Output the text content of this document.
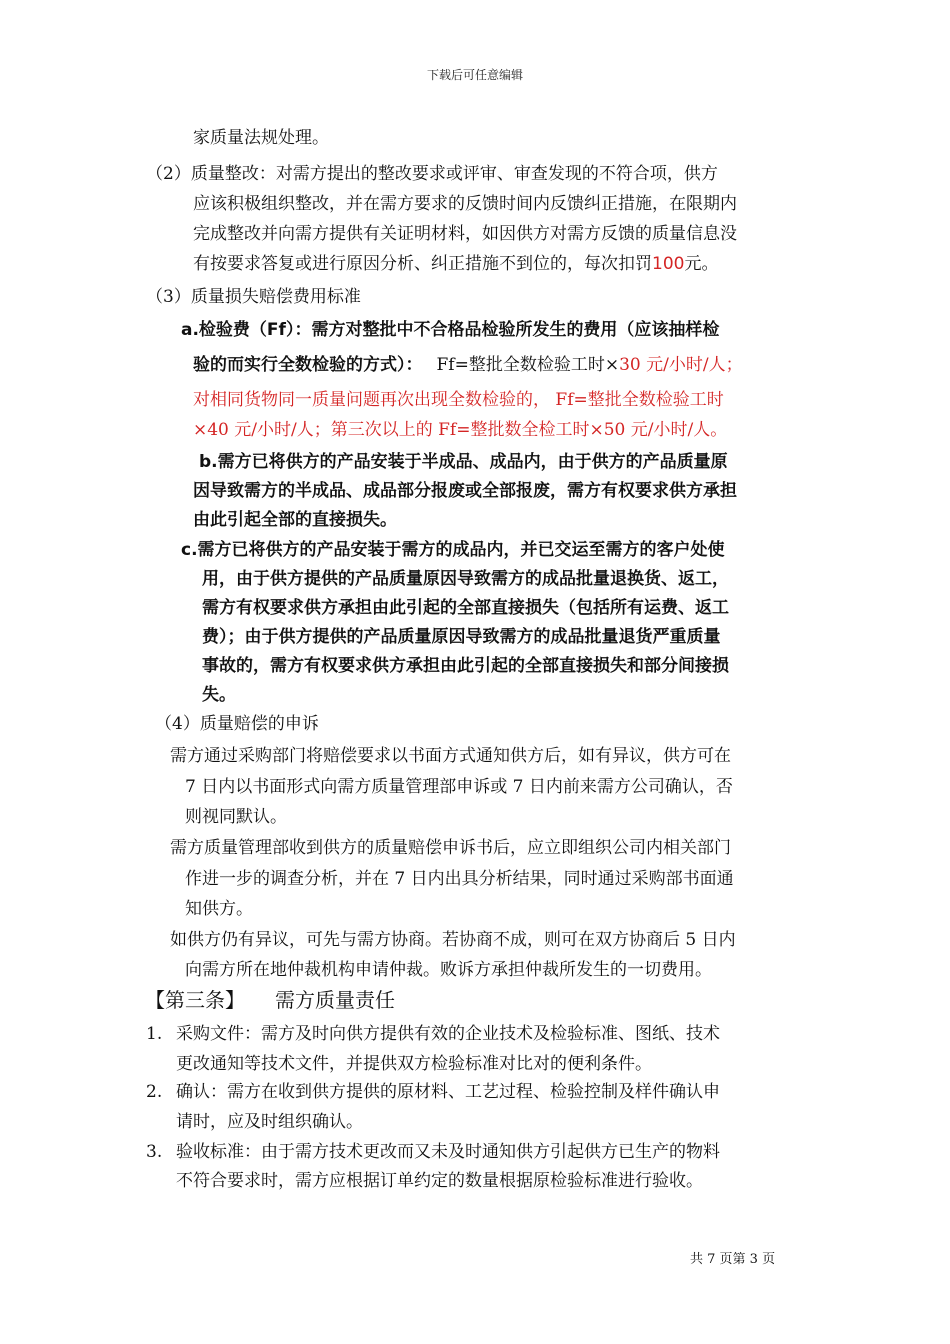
下载后可任意编辑
家质量法规处理。
（2）质量整改：对需方提出的整改要求或评审、审查发现的不符合项，供方
应该积极组织整改，并在需方要求的反馈时间内反馈纠正措施，在限期内
完成整改并向需方提供有关证明材料，如因供方对需方反馈的质量信息没
有按要求答复或进行原因分析、纠正措施不到位的，每次扣罚100元。
（3）质量损失赔偿费用标准
a.检验费（Ff）：需方对整批中不合格品检验所发生的费用（应该抽样检
验的而实行全数检验的方式）： Ff=整批全数检验工时×30 元/小时/人；
对相同货物同一质量问题再次出现全数检验的， Ff=整批全数检验工时
×40 元/小时/人；第三次以上的 Ff=整批数全检工时×50 元/小时/人。
b.需方已将供方的产品安装于半成品、成品内，由于供方的产品质量原
因导致需方的半成品、成品部分报废或全部报废，需方有权要求供方承担
由此引起全部的直接损失。
c.需方已将供方的产品安装于需方的成品内，并已交运至需方的客户处使
用，由于供方提供的产品质量原因导致需方的成品批量退换货、返工，
需方有权要求供方承担由此引起的全部直接损失（包括所有运费、返工
费）；由于供方提供的产品质量原因导致需方的成品批量退货严重质量
事故的，需方有权要求供方承担由此引起的全部直接损失和部分间接损
失。
（4）质量赔偿的申诉
需方通过采购部门将赔偿要求以书面方式通知供方后，如有异议，供方可在
7 日内以书面形式向需方质量管理部申诉或 7 日内前来需方公司确认，否
则视同默认。
需方质量管理部收到供方的质量赔偿申诉书后，应立即组织公司内相关部门
作进一步的调查分析，并在 7 日内出具分析结果，同时通过采购部书面通
知供方。
如供方仍有异议，可先与需方协商。若协商不成，则可在双方协商后 5 日内
向需方所在地仲裁机构申请仲裁。败诉方承担仲裁所发生的一切费用。
【第三条】 需方质量责任
1. 采购文件：需方及时向供方提供有效的企业技术及检验标准、图纸、技术
更改通知等技术文件，并提供双方检验标准对比对的便利条件。
2. 确认：需方在收到供方提供的原材料、工艺过程、检验控制及样件确认申
请时，应及时组织确认。
3. 验收标准：由于需方技术更改而又未及时通知供方引起供方已生产的物料
不符合要求时，需方应根据订单约定的数量根据原检验标准进行验收。
共 7 页第 3 页
